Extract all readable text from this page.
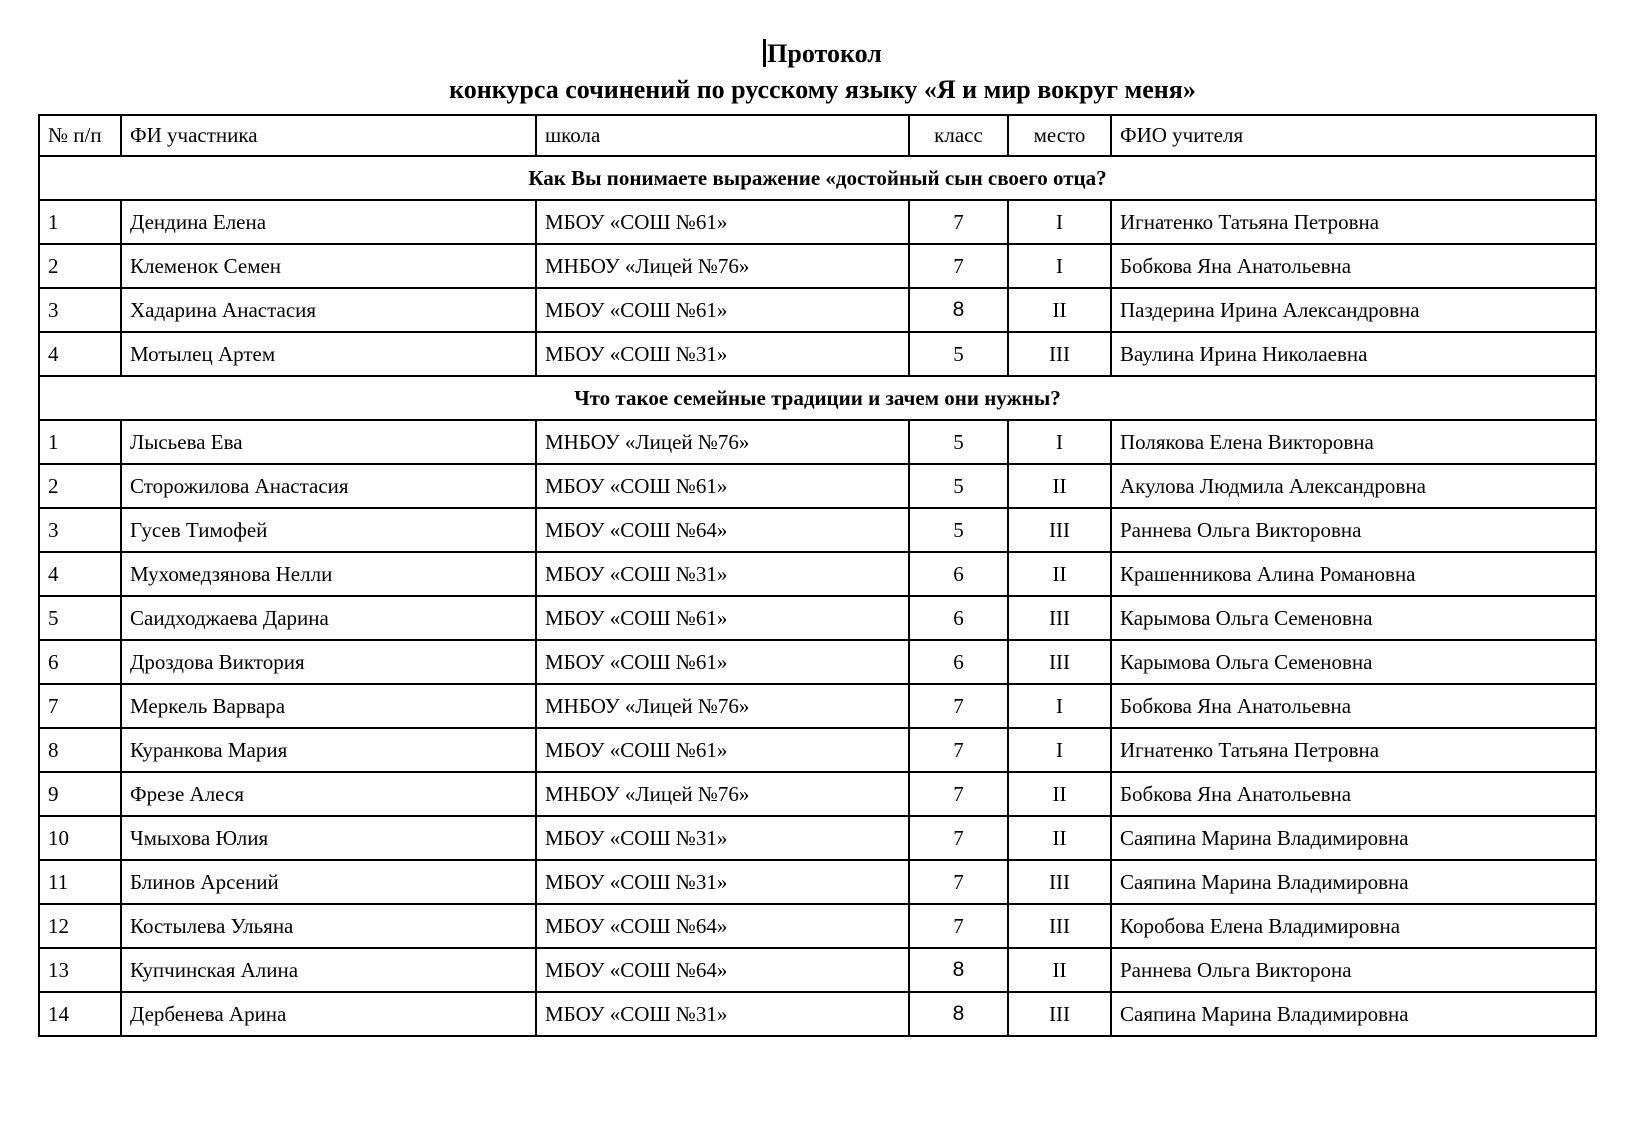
Протокол
конкурса сочинений по русскому языку «Я и мир вокруг меня»
№ п/п	ФИ участника	школа	класс	место	ФИО учителя
Как Вы понимаете выражение «достойный сын своего отца?					
1	Дендина Елена	МБОУ «СОШ №61»	7	I	Игнатенко Татьяна Петровна
2	Клеменок Семен	МНБОУ «Лицей №76»	7	I	Бобкова Яна Анатольевна
3	Хадарина Анастасия	МБОУ «СОШ №61»	8	II	Паздерина Ирина Александровна
4	Мотылец Артем	МБОУ «СОШ №31»	5	III	Ваулина Ирина Николаевна
Что такое семейные традиции и зачем они нужны?					
1	Лысьева Ева	МНБОУ «Лицей №76»	5	I	Полякова Елена Викторовна
2	Сторожилова Анастасия	МБОУ «СОШ №61»	5	II	Акулова Людмила Александровна
3	Гусев Тимофей	МБОУ «СОШ №64»	5	III	Раннева Ольга Викторовна
4	Мухомедзянова Нелли	МБОУ «СОШ №31»	6	II	Крашенникова Алина Романовна
5	Саидходжаева Дарина	МБОУ «СОШ №61»	6	III	Карымова Ольга Семеновна
6	Дроздова Виктория	МБОУ «СОШ №61»	6	III	Карымова Ольга Семеновна
7	Меркель Варвара	МНБОУ «Лицей №76»	7	I	Бобкова Яна Анатольевна
8	Куранкова Мария	МБОУ «СОШ №61»	7	I	Игнатенко Татьяна Петровна
9	Фрезе Алеся	МНБОУ «Лицей №76»	7	II	Бобкова Яна Анатольевна
10	Чмыхова Юлия	МБОУ «СОШ №31»	7	II	Саяпина Марина Владимировна
11	Блинов Арсений	МБОУ «СОШ №31»	7	III	Саяпина Марина Владимировна
12	Костылева Ульяна	МБОУ «СОШ №64»	7	III	Коробова Елена Владимировна
13	Купчинская Алина	МБОУ «СОШ №64»	8	II	Раннева Ольга Викторона
14	Дербенева Арина	МБОУ «СОШ №31»	8	III	Саяпина Марина Владимировна
